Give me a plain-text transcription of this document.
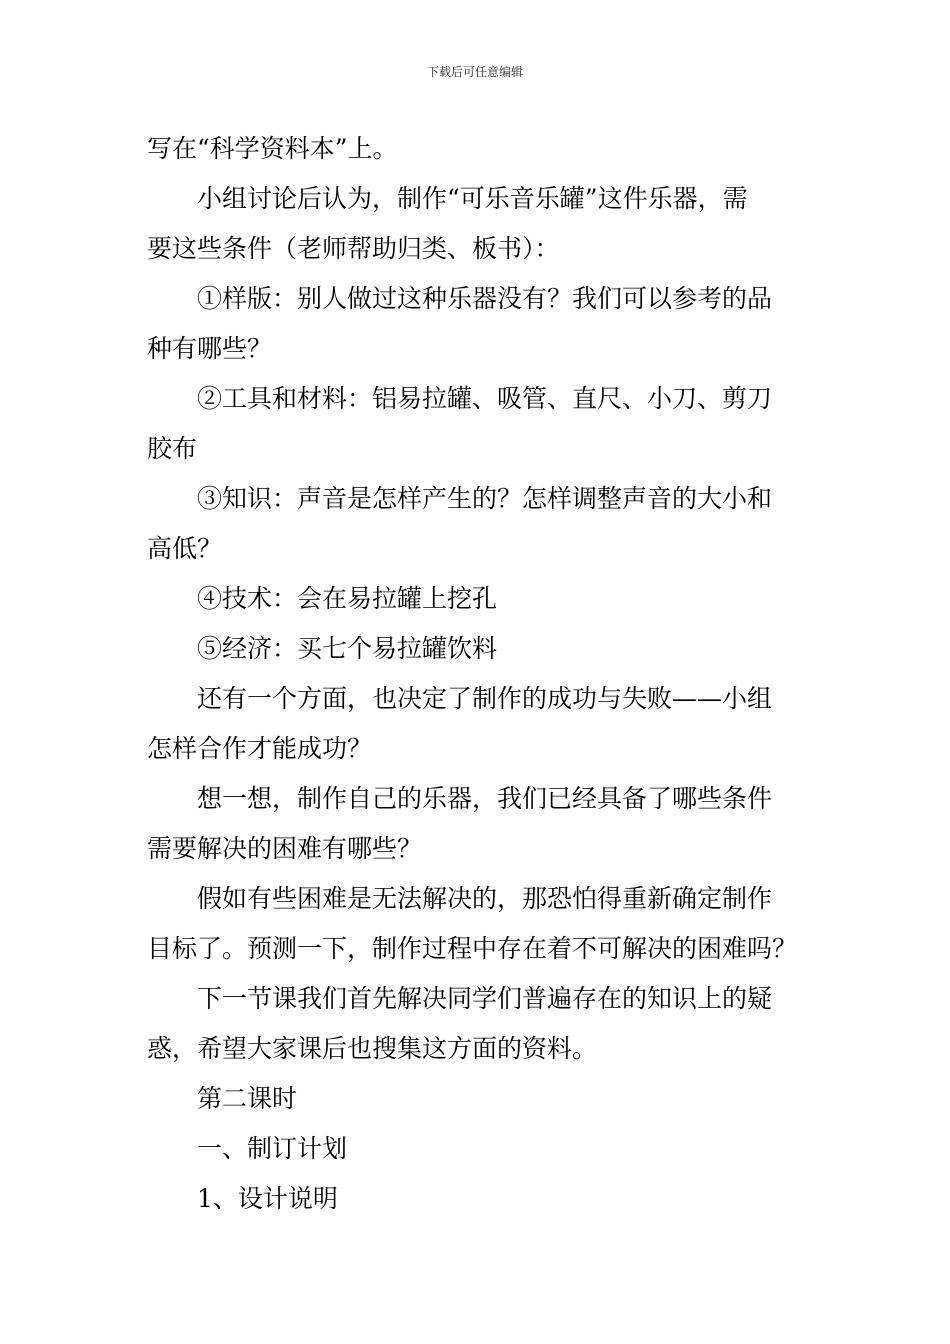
下载后可任意编辑
写在“科学资料本”上。
小组讨论后认为，制作“可乐音乐罐”这件乐器，需
要这些条件（老师帮助归类、板书）：
①样版：别人做过这种乐器没有？我们可以参考的品
种有哪些？
②工具和材料：铝易拉罐、吸管、直尺、小刀、剪刀
胶布
③知识：声音是怎样产生的？怎样调整声音的大小和
高低？
④技术：会在易拉罐上挖孔
⑤经济：买七个易拉罐饮料
还有一个方面，也决定了制作的成功与失败——小组
怎样合作才能成功？
想一想，制作自己的乐器，我们已经具备了哪些条件
需要解决的困难有哪些？
假如有些困难是无法解决的，那恐怕得重新确定制作
目标了。预测一下，制作过程中存在着不可解决的困难吗？
下一节课我们首先解决同学们普遍存在的知识上的疑
惑，希望大家课后也搜集这方面的资料。
第二课时
一、制订计划
1、设计说明
